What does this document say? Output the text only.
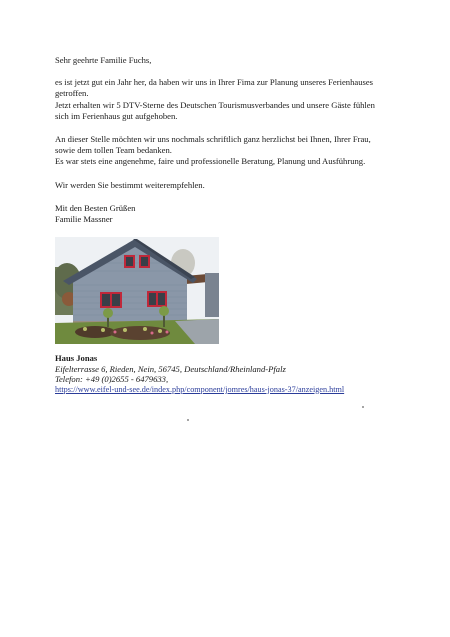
Sehr geehrte Familie Fuchs,

es ist jetzt gut ein Jahr her, da haben wir uns in Ihrer Fima zur Planung unseres Ferienhauses

getroffen.

Jetzt erhalten wir 5 DTV-Sterne des Deutschen Tourismusverbandes und unsere Gäste fühlen

sich im Ferienhaus gut aufgehoben.

An dieser Stelle möchten wir uns nochmals schriftlich ganz herzlichst bei Ihnen, Ihrer Frau,

sowie dem tollen Team bedanken.

Es war stets eine angenehme, faire und professionelle Beratung, Planung und Ausführung.

Wir werden Sie bestimmt weiterempfehlen.

Mit den Besten Grüßen

Familie Massner

Haus Jonas
Eifelterrasse 6, Rieden, Nein, 56745, Deutschland/Rheinland-Pfalz
Telefon: +49 (0)2655 - 6479633,
https://www.eifel-und-see.de/index.php/component/jomres/haus-jonas-37/anzeigen.html
